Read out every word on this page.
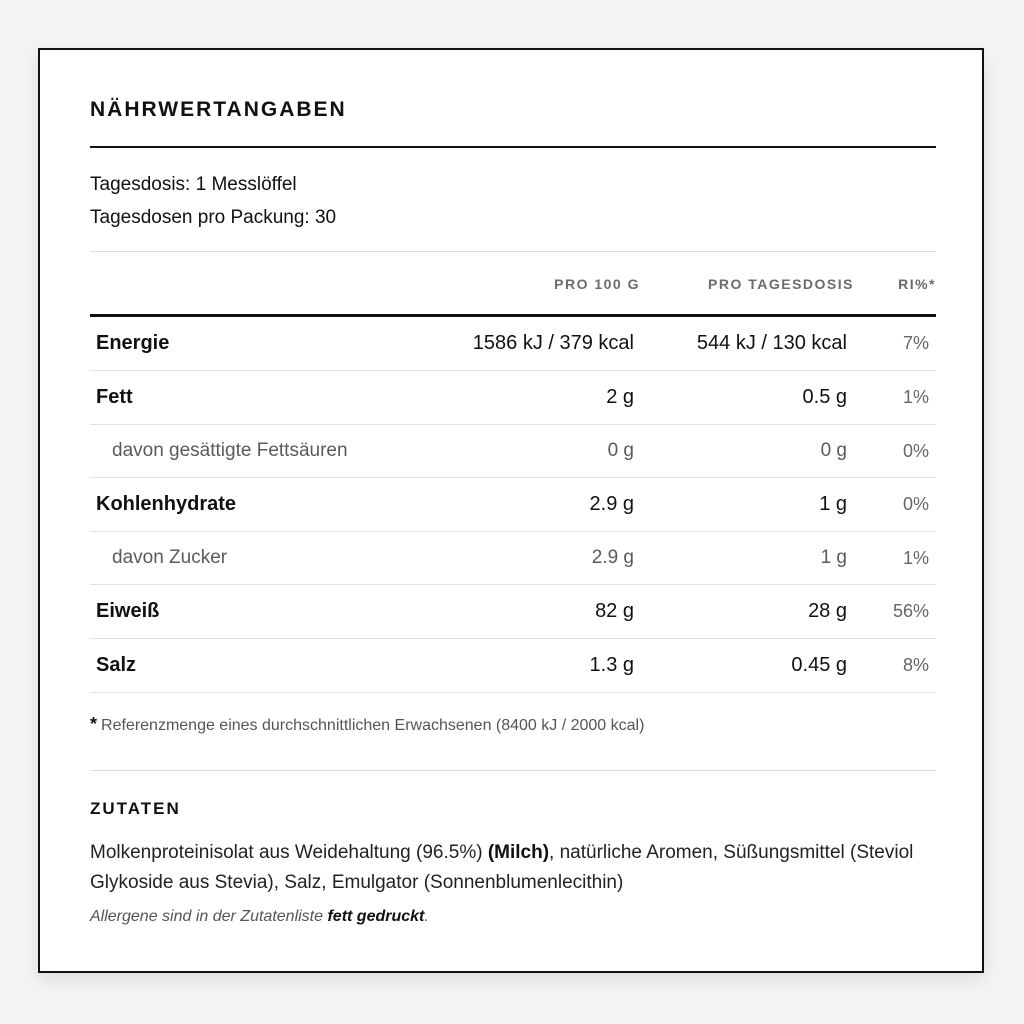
NÄHRWERTANGABEN
Tagesdosis: 1 Messlöffel
Tagesdosen pro Packung: 30
PRO 100 G	PRO TAGESDOSIS	RI%*
Energie	1586 kJ / 379 kcal	544 kJ / 130 kcal	7%
Fett	2 g	0.5 g	1%
davon gesättigte Fettsäuren	0 g	0 g	0%
Kohlenhydrate	2.9 g	1 g	0%
davon Zucker	2.9 g	1 g	1%
Eiweiß	82 g	28 g	56%
Salz	1.3 g	0.45 g	8%
* Referenzmenge eines durchschnittlichen Erwachsenen (8400 kJ / 2000 kcal)
ZUTATEN
Molkenproteinisolat aus Weidehaltung (96.5%) (Milch), natürliche Aromen, Süßungsmittel (Steviol Glykoside aus Stevia), Salz, Emulgator (Sonnenblumenlecithin)
Allergene sind in der Zutatenliste fett gedruckt.
